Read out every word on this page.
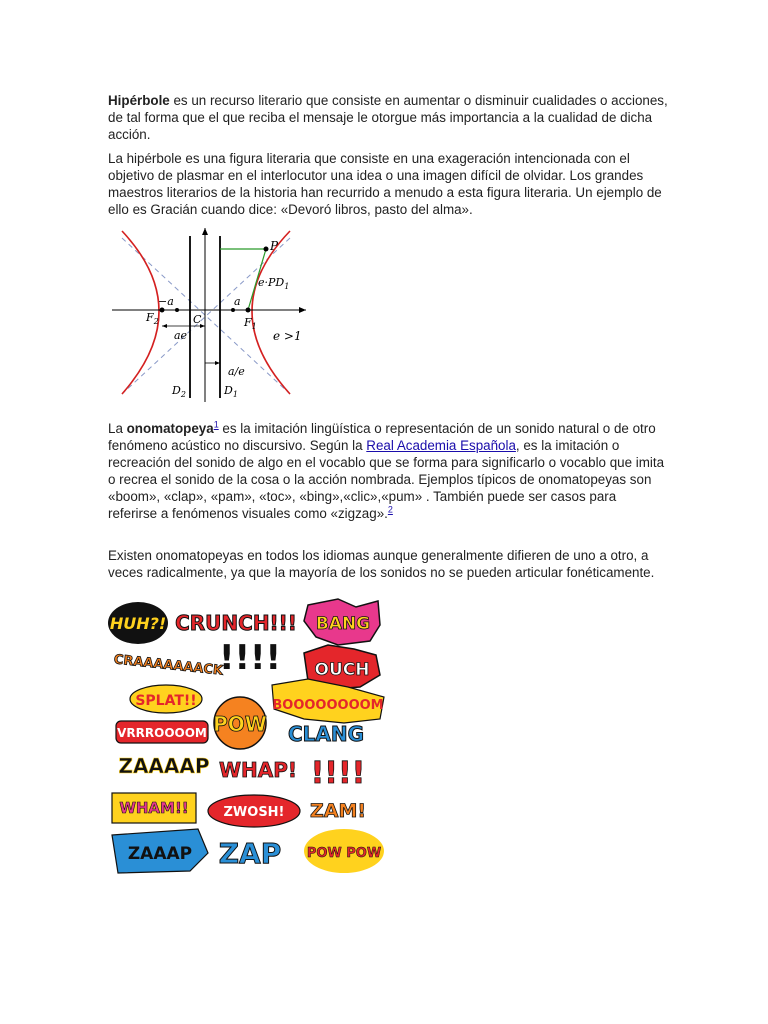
Hipérbole es un recurso literario que consiste en aumentar o disminuir cualidades o acciones, de tal forma que el que reciba el mensaje le otorgue más importancia a la cualidad de dicha acción.

La hipérbole es una figura literaria que consiste en una exageración intencionada con el objetivo de plasmar en el interlocutor una idea o una imagen difícil de olvidar. Los grandes maestros literarios de la historia han recurrido a menudo a esta figura literaria. Un ejemplo de ello es Gracián cuando dice: «Devoró libros, pasto del alma».

P
$e\cdot PD_1$
−a	a
$F_2$	C	$F_1$
ae	e >1
a/e
$D_2$	$D_1$

La onomatopeya$^1$ es la imitación lingüística o representación de un sonido natural o de otro fenómeno acústico no discursivo. Según la Real Academia Española, es la imitación o recreación del sonido de algo en el vocablo que se forma para significarlo o vocablo que imita o recrea el sonido de la cosa o la acción nombrada. Ejemplos típicos de onomatopeyas son «boom», «clap», «pam», «toc», «bing»,«clic»,«pum» . También puede ser casos para referirse a fenómenos visuales como «zigzag».$^2$

Existen onomatopeyas en todos los idiomas aunque generalmente difieren de uno a otro, a veces radicalmente, ya que la mayoría de los sonidos no se pueden articular fonéticamente.

HUH?! CRUNCH!!! BANG
CRAAAAAAACK
!!!! OUCH
SPLAT!!	BOOOOOOOOM
VRRROOOOM POW CLANG
ZAAAAP WHAP! !!!!
WHAM!!	ZWOSH! ZAM!
ZAAAP ZAP POW POW
